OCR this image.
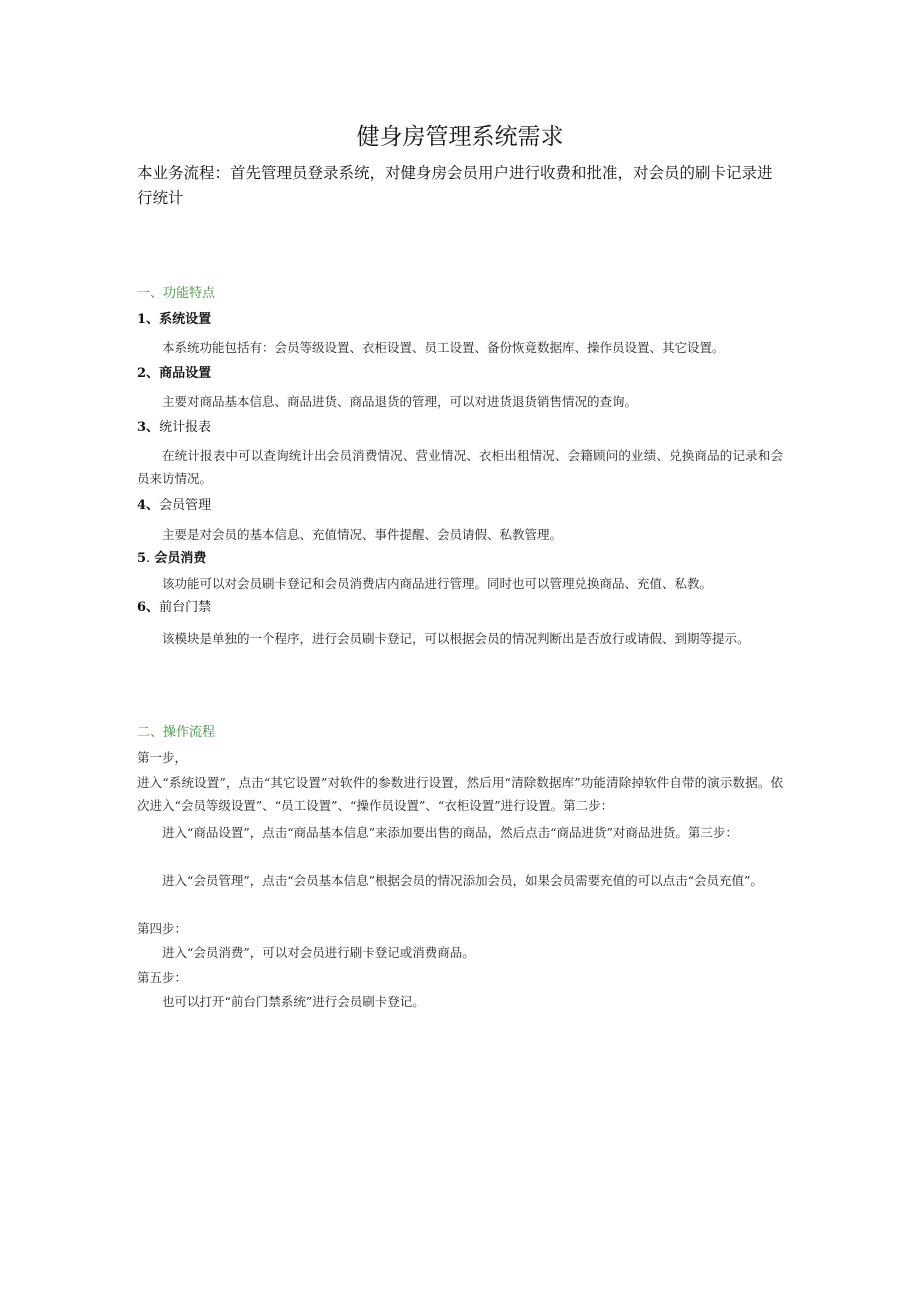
健身房管理系统需求
本业务流程：首先管理员登录系统，对健身房会员用户进行收费和批准，对会员的刷卡记录进行统计
一、功能特点
1、系统设置
本系统功能包括有：会员等级设置、衣柜设置、员工设置、备份恢竟数据库、操作员设置、其它设置。
2、商品设置
主要对商品基本信息、商品进货、商品退货的管理，可以对进货退货销售情况的查询。
3、统计报表
在统计报表中可以查询统计出会员消费情况、营业情况、衣柜出租情况、会籍顾问的业绩、兑换商品的记录和会员来访情况。
4、会员管理
主要是对会员的基本信息、充值情况、事件提醒、会员请假、私教管理。
5. 会员消费
该功能可以对会员刷卡登记和会员消费店内商品进行管理。同时也可以管理兑换商品、充值、私教。
6、前台门禁
该模块是单独的一个程序，进行会员刷卡登记，可以根据会员的情况判断出是否放行或请假、到期等提示。
二、操作流程
第一步，
进入“系统设置”，点击“其它设置”对软件的参数进行设置，然后用“清除数据库”功能清除掉软件自带的演示数据。依次进入“会员等级设置”、“员工设置”、“操作员设置”、“衣柜设置”进行设置。第二步：
进入“商品设置”，点击“商品基本信息”来添加要出售的商品，然后点击“商品进货”对商品进货。第三步：
进入“会员管理”，点击“会员基本信息”根据会员的情况添加会员，如果会员需要充值的可以点击“会员充值”。
第四步：
进入“会员消费”，可以对会员进行刷卡登记或消费商品。
第五步：
也可以打开“前台门禁系统”进行会员刷卡登记。
